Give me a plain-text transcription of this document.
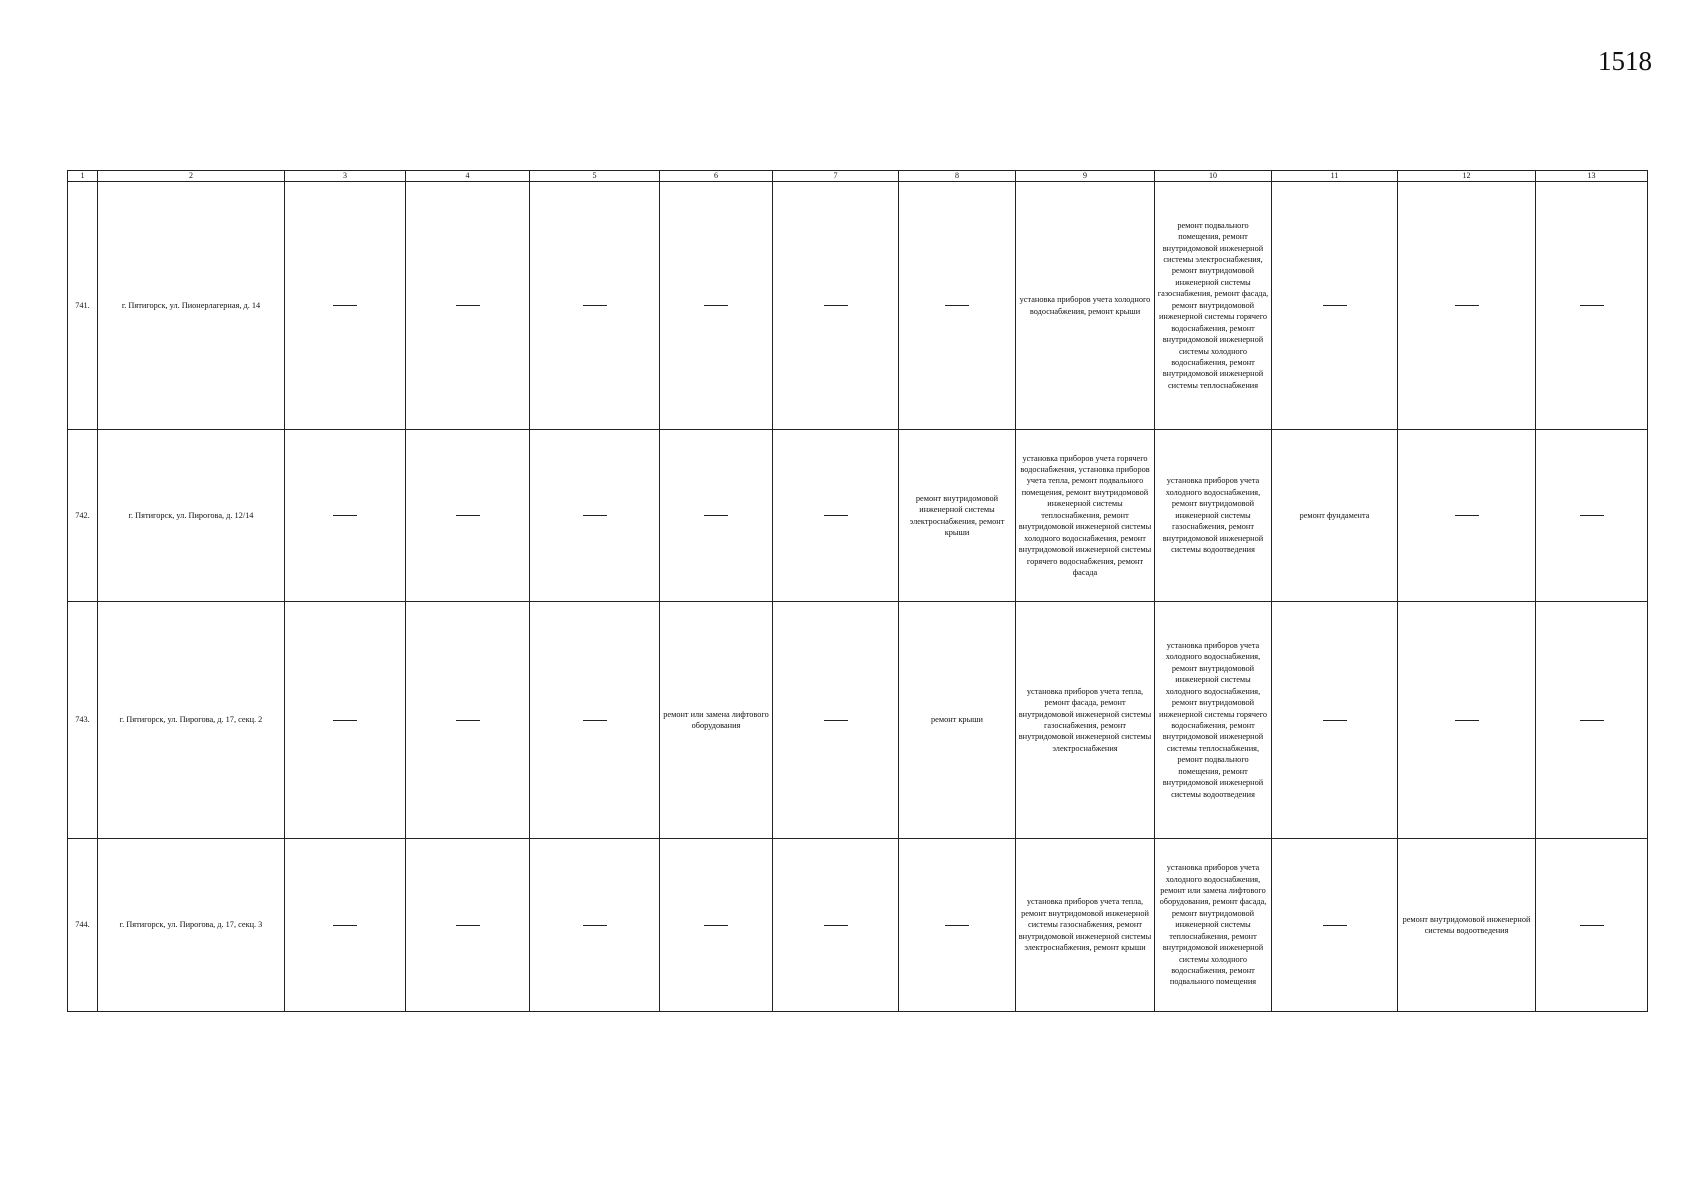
1518
1	2	3	4	5	6	7	8	9	10	11	12	13
741.	г. Пятигорск, ул. Пионерлагерная, д. 14							установка приборов учета холодного водоснабжения, ремонт крыши	ремонт подвального помещения, ремонт внутридомовой инженерной системы электроснабжения, ремонт внутридомовой инженерной системы газоснабжения, ремонт фасада, ремонт внутридомовой инженерной системы горячего водоснабжения, ремонт внутридомовой инженерной системы холодного водоснабжения, ремонт внутридомовой инженерной системы теплоснабжения			
742.	г. Пятигорск, ул. Пирогова, д. 12/14						ремонт внутридомовой инженерной системы электроснабжения, ремонт крыши	установка приборов учета горячего водоснабжения, установка приборов учета тепла, ремонт подвального помещения, ремонт внутридомовой инженерной системы теплоснабжения, ремонт внутридомовой инженерной системы холодного водоснабжения, ремонт внутридомовой инженерной системы горячего водоснабжения, ремонт фасада	установка приборов учета холодного водоснабжения, ремонт внутридомовой инженерной системы газоснабжения, ремонт внутридомовой инженерной системы водоотведения	ремонт фундамента		
743.	г. Пятигорск, ул. Пирогова, д. 17, секц. 2				ремонт или замена лифтового оборудования		ремонт крыши	установка приборов учета тепла, ремонт фасада, ремонт внутридомовой инженерной системы газоснабжения, ремонт внутридомовой инженерной системы электроснабжения	установка приборов учета холодного водоснабжения, ремонт внутридомовой инженерной системы холодного водоснабжения, ремонт внутридомовой инженерной системы горячего водоснабжения, ремонт внутридомовой инженерной системы теплоснабжения, ремонт подвального помещения, ремонт внутридомовой инженерной системы водоотведения			
744.	г. Пятигорск, ул. Пирогова, д. 17, секц. 3							установка приборов учета тепла, ремонт внутридомовой инженерной системы газоснабжения, ремонт внутридомовой инженерной системы электроснабжения, ремонт крыши	установка приборов учета холодного водоснабжения, ремонт или замена лифтового оборудования, ремонт фасада, ремонт внутридомовой инженерной системы теплоснабжения, ремонт внутридомовой инженерной системы холодного водоснабжения, ремонт подвального помещения		ремонт внутридомовой инженерной системы водоотведения	
